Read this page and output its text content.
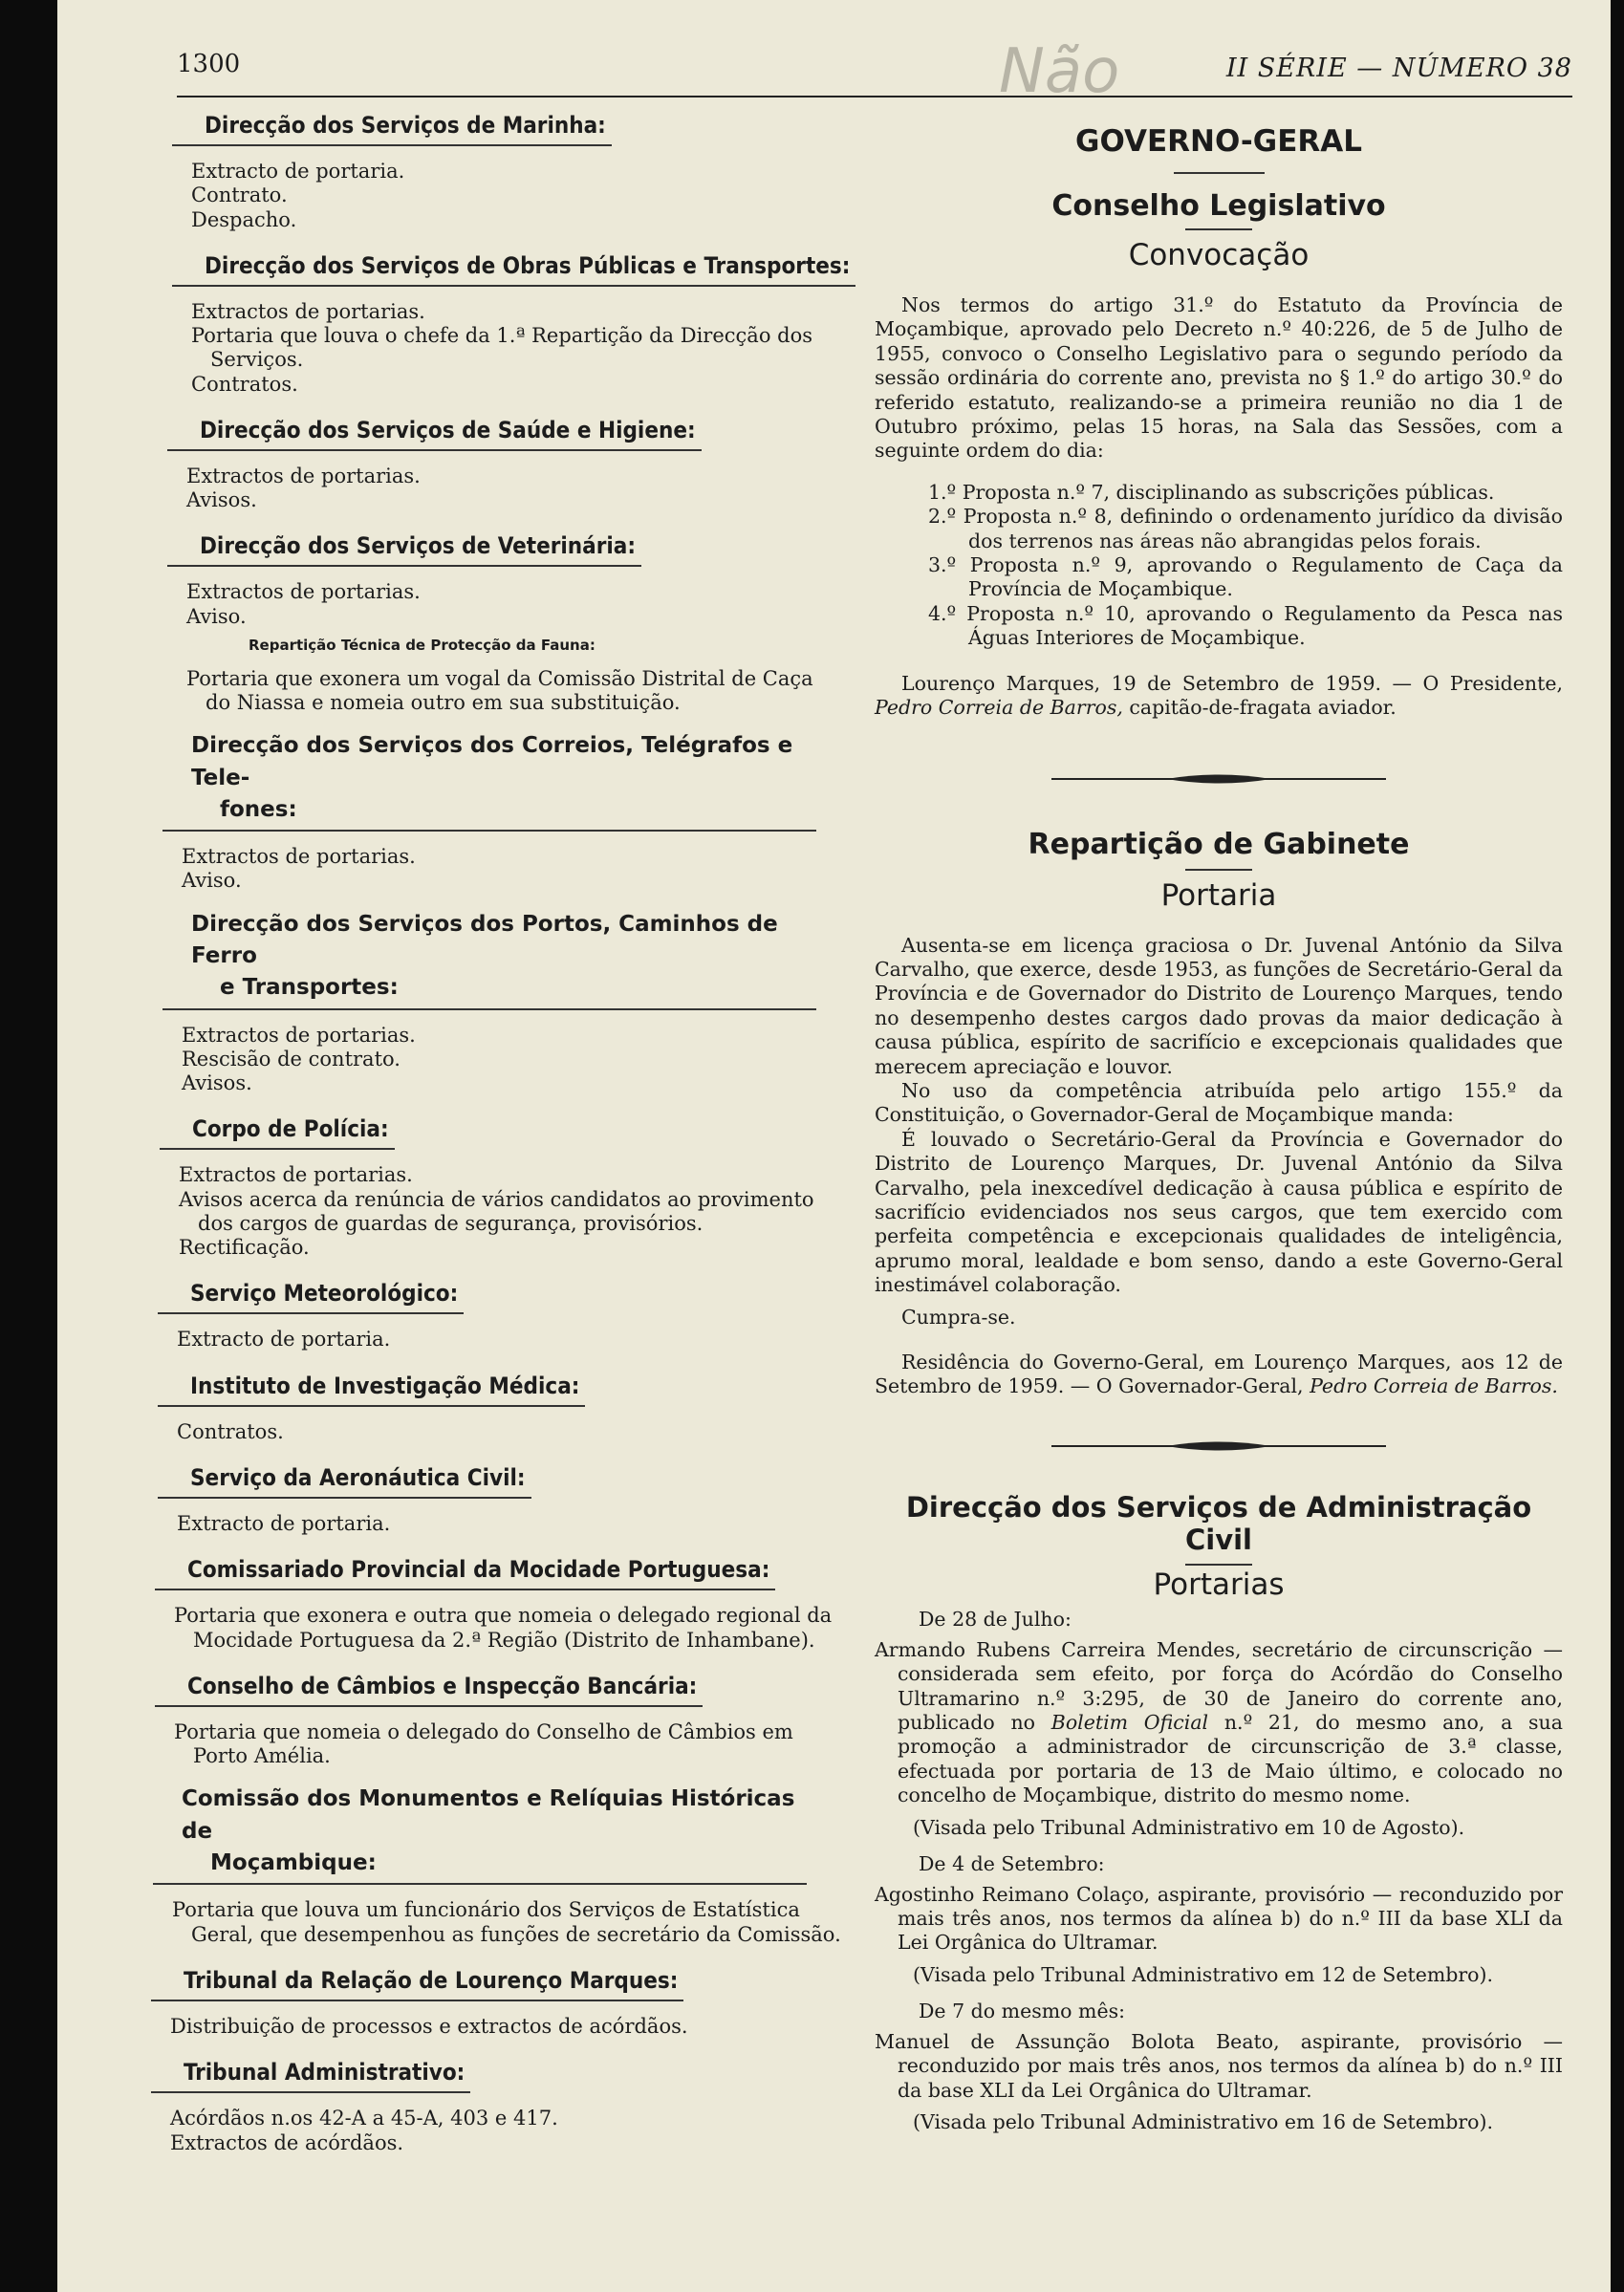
1300	Não	II SÉRIE — NÚMERO 38
Direcção dos Serviços de Marinha:
Extracto de portaria.
Contrato.
Despacho.
Direcção dos Serviços de Obras Públicas e Transportes:
Extractos de portarias.
Portaria que louva o chefe da 1.ª Repartição da Direcção dos Serviços.
Contratos.
Direcção dos Serviços de Saúde e Higiene:
Extractos de portarias.
Avisos.
Direcção dos Serviços de Veterinária:
Extractos de portarias.
Aviso.
Repartição Técnica de Protecção da Fauna:
Portaria que exonera um vogal da Comissão Distrital de Caça do Niassa e nomeia outro em sua substituição.
Direcção dos Serviços dos Correios, Telégrafos e Tele-
fones:
Extractos de portarias.
Aviso.
Direcção dos Serviços dos Portos, Caminhos de Ferro
e Transportes:
Extractos de portarias.
Rescisão de contrato.
Avisos.
Corpo de Polícia:
Extractos de portarias.
Avisos acerca da renúncia de vários candidatos ao provimento dos cargos de guardas de segurança, provisórios.
Rectificação.
Serviço Meteorológico:
Extracto de portaria.
Instituto de Investigação Médica:
Contratos.
Serviço da Aeronáutica Civil:
Extracto de portaria.
Comissariado Provincial da Mocidade Portuguesa:
Portaria que exonera e outra que nomeia o delegado regional da Mocidade Portuguesa da 2.ª Região (Distrito de Inhambane).
Conselho de Câmbios e Inspecção Bancária:
Portaria que nomeia o delegado do Conselho de Câmbios em Porto Amélia.
Comissão dos Monumentos e Relíquias Históricas de
Moçambique:
Portaria que louva um funcionário dos Serviços de Estatística Geral, que desempenhou as funções de secretário da Comissão.
Tribunal da Relação de Lourenço Marques:
Distribuição de processos e extractos de acórdãos.
Tribunal Administrativo:
Acórdãos n.os 42-A a 45-A, 403 e 417.
Extractos de acórdãos.
GOVERNO-GERAL
Conselho Legislativo
Convocação

Nos termos do artigo 31.º do Estatuto da Província de Moçambique, aprovado pelo Decreto n.º 40:226, de 5 de Julho de 1955, convoco o Conselho Legislativo para o segundo período da sessão ordinária do corrente ano, prevista no § 1.º do artigo 30.º do referido estatuto, realizando-se a primeira reunião no dia 1 de Outubro próximo, pelas 15 horas, na Sala das Sessões, com a seguinte ordem do dia:

1.º Proposta n.º 7, disciplinando as subscrições públicas.
2.º Proposta n.º 8, definindo o ordenamento jurídico da divisão dos terrenos nas áreas não abrangidas pelos forais.
3.º Proposta n.º 9, aprovando o Regulamento de Caça da Província de Moçambique.
4.º Proposta n.º 10, aprovando o Regulamento da Pesca nas Águas Interiores de Moçambique.

Lourenço Marques, 19 de Setembro de 1959. — O Presidente, Pedro Correia de Barros, capitão-de-fragata aviador.

Repartição de Gabinete
Portaria

Ausenta-se em licença graciosa o Dr. Juvenal António da Silva Carvalho, que exerce, desde 1953, as funções de Secretário-Geral da Província e de Governador do Distrito de Lourenço Marques, tendo no desempenho destes cargos dado provas da maior dedicação à causa pública, espírito de sacrifício e excepcionais qualidades que merecem apreciação e louvor.

No uso da competência atribuída pelo artigo 155.º da Constituição, o Governador-Geral de Moçambique manda:

É louvado o Secretário-Geral da Província e Governador do Distrito de Lourenço Marques, Dr. Juvenal António da Silva Carvalho, pela inexcedível dedicação à causa pública e espírito de sacrifício evidenciados nos seus cargos, que tem exercido com perfeita competência e excepcionais qualidades de inteligência, aprumo moral, lealdade e bom senso, dando a este Governo-Geral inestimável colaboração.

Cumpra-se.

Residência do Governo-Geral, em Lourenço Marques, aos 12 de Setembro de 1959. — O Governador-Geral, Pedro Correia de Barros.

Direcção dos Serviços de Administração Civil
Portarias
De 28 de Julho:

Armando Rubens Carreira Mendes, secretário de circunscrição — considerada sem efeito, por força do Acórdão do Conselho Ultramarino n.º 3:295, de 30 de Janeiro do corrente ano, publicado no Boletim Oficial n.º 21, do mesmo ano, a sua promoção a administrador de circunscrição de 3.ª classe, efectuada por portaria de 13 de Maio último, e colocado no concelho de Moçambique, distrito do mesmo nome.

(Visada pelo Tribunal Administrativo em 10 de Agosto).
De 4 de Setembro:

Agostinho Reimano Colaço, aspirante, provisório — reconduzido por mais três anos, nos termos da alínea b) do n.º III da base XLI da Lei Orgânica do Ultramar.

(Visada pelo Tribunal Administrativo em 12 de Setembro).
De 7 do mesmo mês:

Manuel de Assunção Bolota Beato, aspirante, provisório — reconduzido por mais três anos, nos termos da alínea b) do n.º III da base XLI da Lei Orgânica do Ultramar.

(Visada pelo Tribunal Administrativo em 16 de Setembro).
